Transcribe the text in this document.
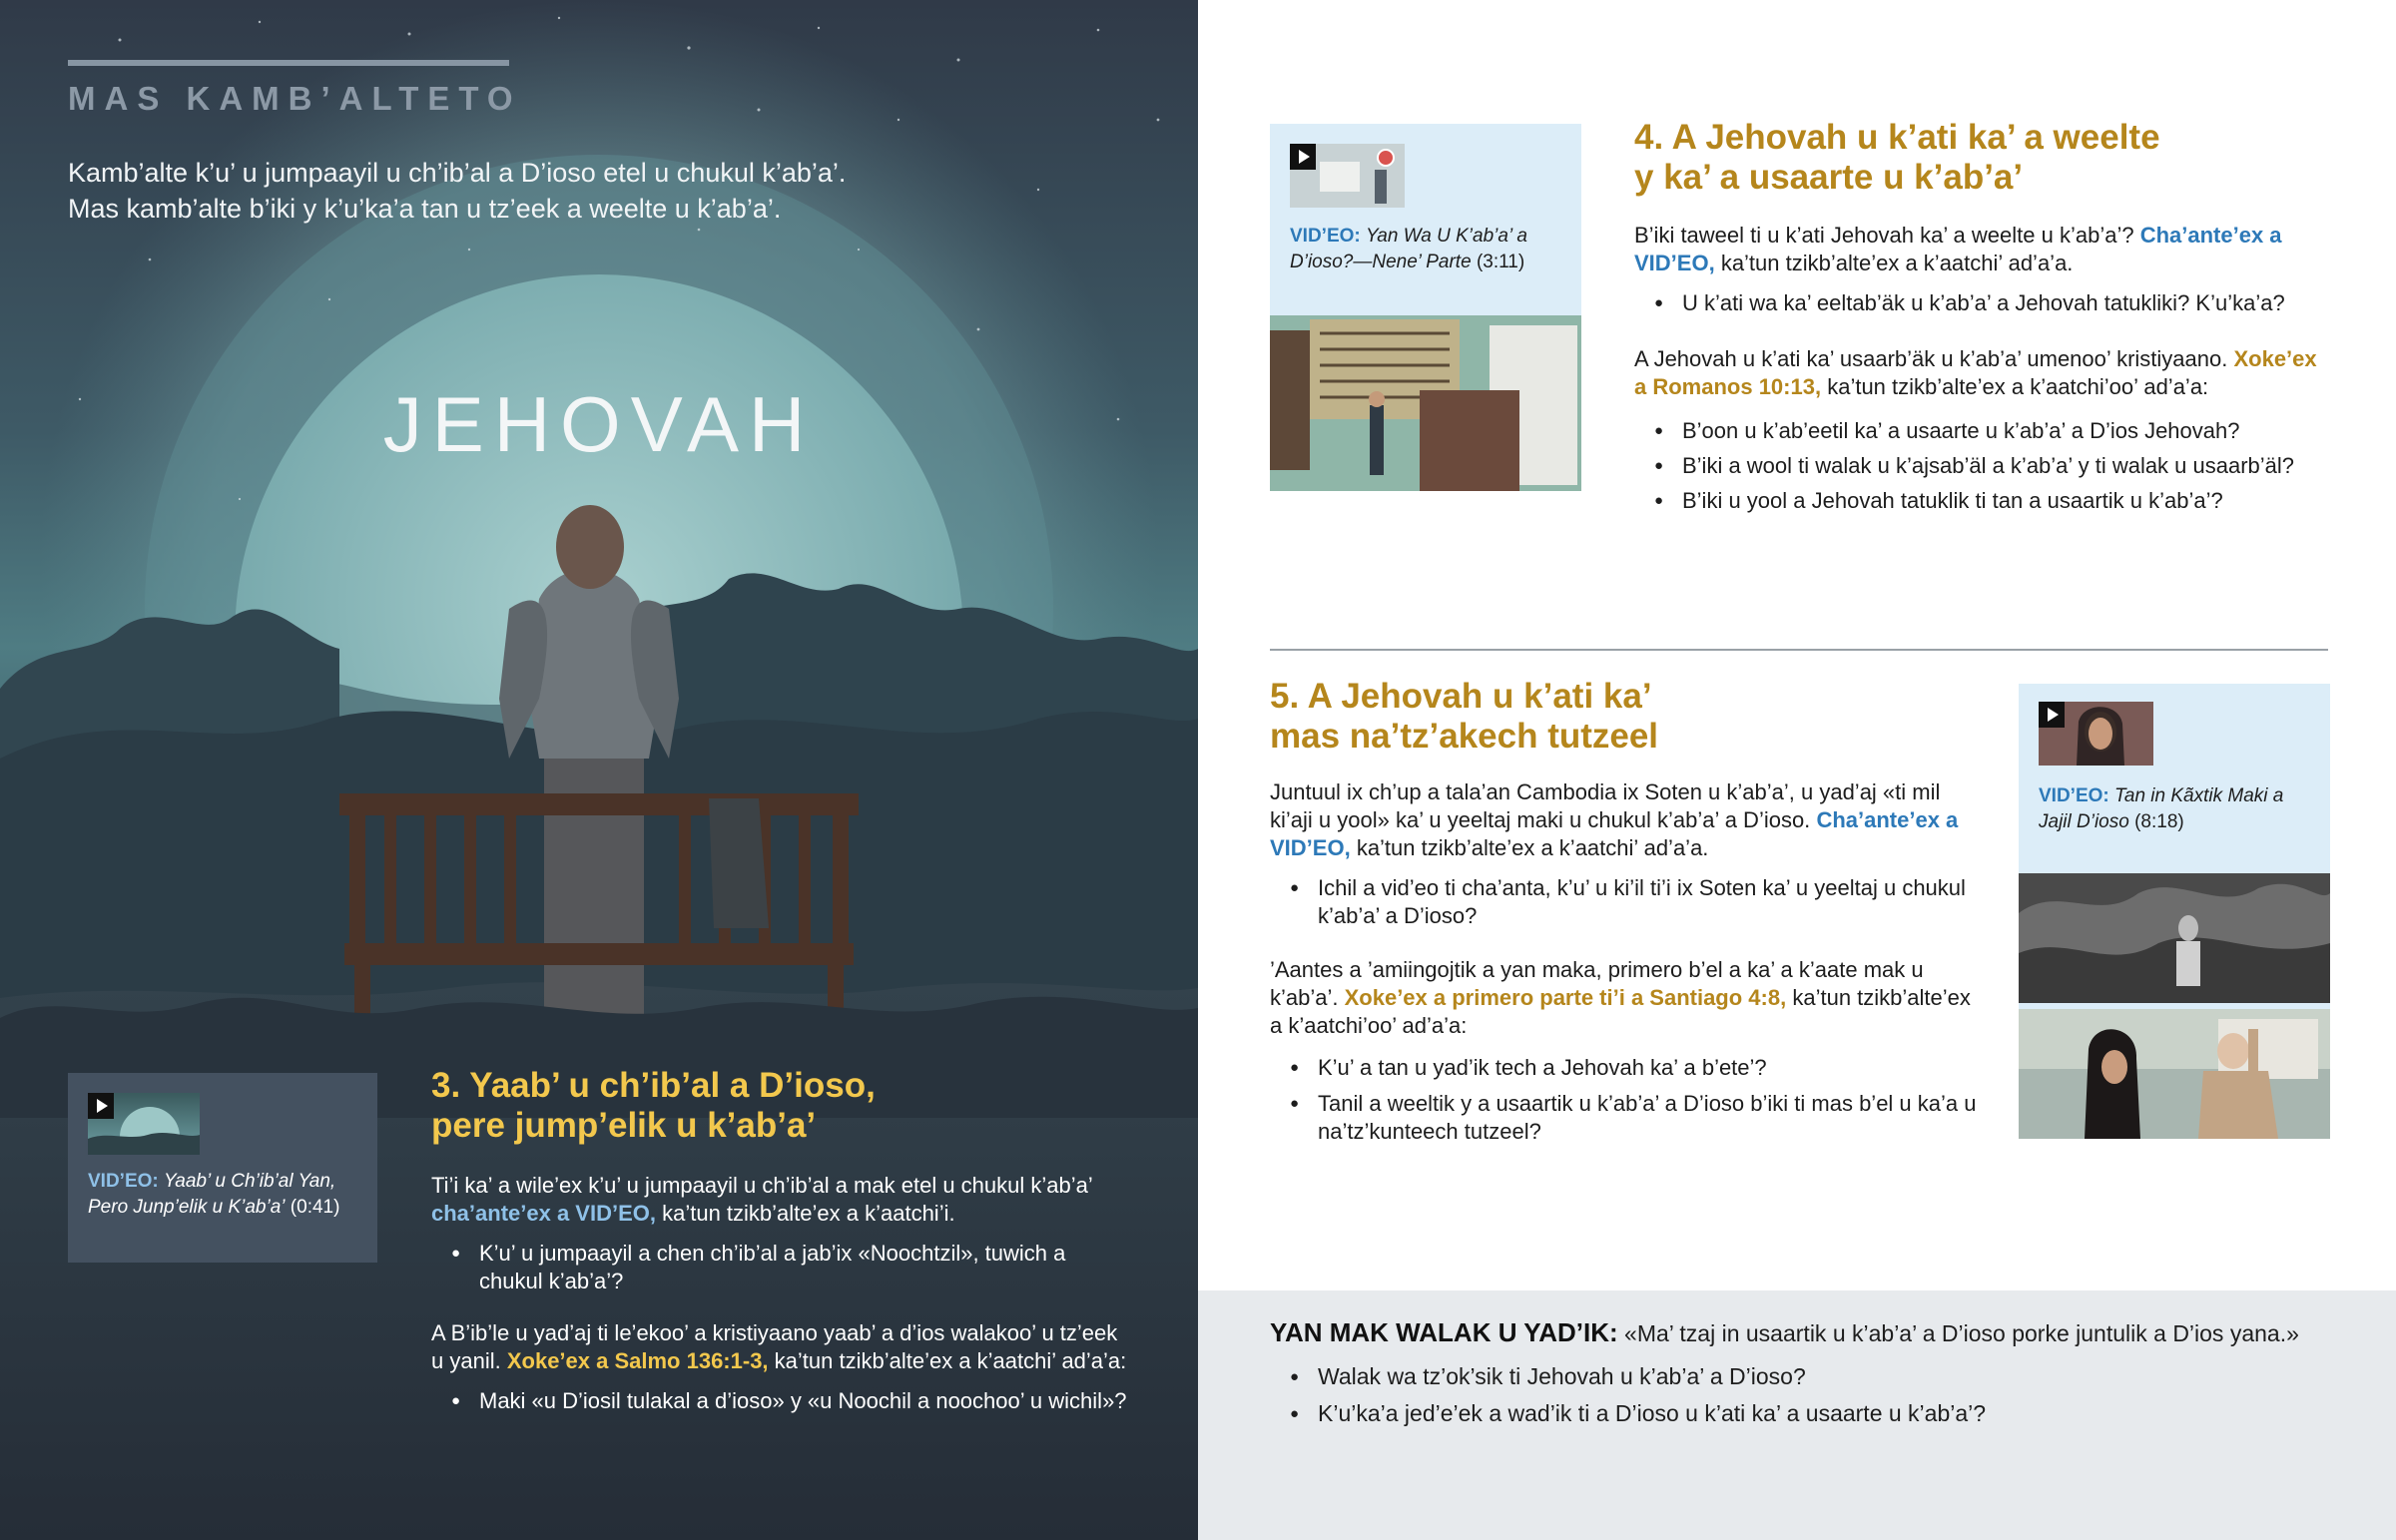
MAS KAMB’ALTETO

Kamb’alte k’u’ u jumpaayil u ch’ib’al a D’ioso etel u chukul k’ab’a’.

Mas kamb’alte b’iki y k’u’ka’a tan u tz’eek a weelte u k’ab’a’.

JEHOVAH
VID’EO: Yaab’ u Ch’ib’al Yan, Pero Junp’elik u K’ab’a’ (0:41)
3. Yaab’ u ch’ib’al a D’ioso,
pere jump’elik u k’ab’a’
Ti’i ka’ a wile’ex k’u’ u jumpaayil u ch’ib’al a mak etel u chukul k’ab’a’ cha’ante’ex a VID’EO, ka’tun tzikb’alte’ex a k’aatchi’i.
● K’u’ u jumpaayil a chen ch’ib’al a jab’ix «Noochtzil», tuwich a chukul k’ab’a’?
A B’ib’le u yad’aj ti le’ekoo’ a kristiyaano yaab’ a d’ios walakoo’ u tz’eek u yanil. Xoke’ex a Salmo 136:1-3, ka’tun tzikb’alte’ex a k’aatchi’ ad’a’a:
● Maki «u D’iosil tulakal a d’ioso» y «u Noochil a noochoo’ u wichil»?
VID’EO: Yan Wa U K’ab’a’ a D’ioso?—Nene’ Parte (3:11)
4. A Jehovah u k’ati ka’ a weelte
y ka’ a usaarte u k’ab’a’
B’iki taweel ti u k’ati Jehovah ka’ a weelte u k’ab’a’? Cha’ante’ex a VID’EO, ka’tun tzikb’alte’ex a k’aatchi’ ad’a’a.
● U k’ati wa ka’ eeltab’äk u k’ab’a’ a Jehovah tatukliki? K’u’ka’a?
A Jehovah u k’ati ka’ usaarb’äk u k’ab’a’ umenoo’ kristiyaano. Xoke’ex a Romanos 10:13, ka’tun tzikb’alte’ex a k’aatchi’oo’ ad’a’a:
● B’oon u k’ab’eetil ka’ a usaarte u k’ab’a’ a D’ios Jehovah?
● B’iki a wool ti walak u k’ajsab’äl a k’ab’a’ y ti walak u usaarb’äl?
● B’iki u yool a Jehovah tatuklik ti tan a usaartik u k’ab’a’?
5. A Jehovah u k’ati ka’
mas na’tz’akech tutzeel
Juntuul ix ch’up a tala’an Cambodia ix Soten u k’ab’a’, u yad’aj «ti mil ki’aji u yool» ka’ u yeeltaj maki u chukul k’ab’a’ a D’ioso. Cha’ante’ex a VID’EO, ka’tun tzikb’alte’ex a k’aatchi’ ad’a’a.
● Ichil a vid’eo ti cha’anta, k’u’ u ki’il ti’i ix Soten ka’ u yeeltaj u chukul k’ab’a’ a D’ioso?
’Aantes a ’amiingojtik a yan maka, primero b’el a ka’ a k’aate mak u k’ab’a’. Xoke’ex a primero parte ti’i a Santiago 4:8, ka’tun tzikb’alte’ex a k’aatchi’oo’ ad’a’a:
● K’u’ a tan u yad’ik tech a Jehovah ka’ a b’ete’?
● Tanil a weeltik y a usaartik u k’ab’a’ a D’ioso b’iki ti mas b’el u ka’a u na’tz’kunteech tutzeel?
VID’EO: Tan in Kãxtik Maki a Jajil D’ioso (8:18)
YAN MAK WALAK U YAD’IK: «Ma’ tzaj in usaartik u k’ab’a’ a D’ioso porke juntulik a D’ios yana.»
● Walak wa tz’ok’sik ti Jehovah u k’ab’a’ a D’ioso?
● K’u’ka’a jed’e’ek a wad’ik ti a D’ioso u k’ati ka’ a usaarte u k’ab’a’?
